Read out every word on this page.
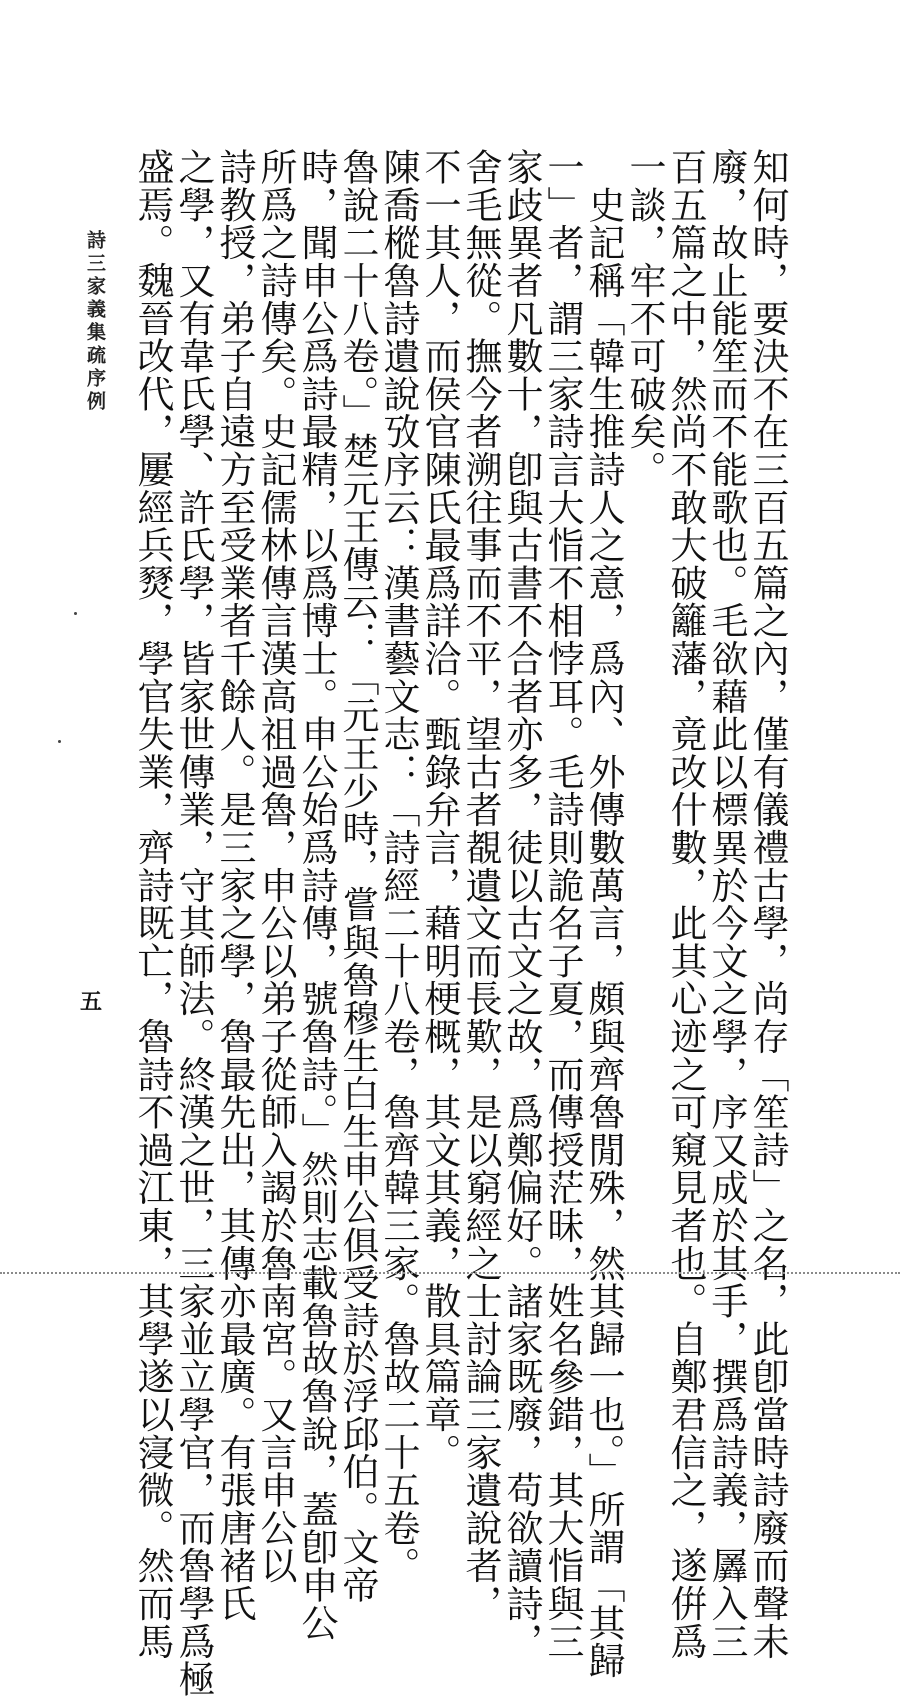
知何時，要決不在三百五篇之內，僅有儀禮古學，尚存「笙詩」之名，此卽當時詩廢而聲未

廢，故止能笙而不能歌也。毛欲藉此以標異於今文之學，序又成於其手，撰爲詩義，羼入三

百五篇之中，然尚不敢大破籬藩，竟改什數，此其心迹之可窺見者也。自鄭君信之，遂倂爲

一談，牢不可破矣。

　史記稱「韓生推詩人之意，爲內、外傳數萬言，頗與齊魯閒殊，然其歸一也。」所謂「其歸

一」者，謂三家詩言大恉不相悖耳。毛詩則詭名子夏，而傳授茫昧，姓名參錯，其大恉與三

家歧異者凡數十，卽與古書不合者亦多，徒以古文之故，爲鄭偏好。諸家既廢，苟欲讀詩，

舍毛無從。撫今者溯往事而不平，望古者覩遺文而長歎，是以窮經之士討論三家遺說者，

不一其人，而侯官陳氏最爲詳洽。甄錄弁言，藉明梗概，其文其義，散具篇章。

陳喬樅魯詩遺說攷序云：漢書藝文志：「詩經二十八卷，魯齊韓三家。魯故二十五卷。

魯說二十八卷。」楚元王傳云：「元王少時，嘗與魯穆生白生申公俱受詩於浮邱伯。文帝

時，聞申公爲詩最精，以爲博士。申公始爲詩傳，號魯詩。」然則志載魯故魯說，蓋卽申公

所爲之詩傳矣。史記儒林傳言漢高祖過魯，申公以弟子從師入謁於魯南宮。又言申公以

詩教授，弟子自遠方至受業者千餘人。是三家之學，魯最先出，其傳亦最廣。有張唐褚氏

之學，又有韋氏學、許氏學，皆家世傳業，守其師法。終漢之世，三家並立學官，而魯學爲極

盛焉。魏晉改代，屢經兵燹，學官失業，齊詩既亡，魯詩不過江東，其學遂以寖微。然而馬

詩三家義集疏序例
五
